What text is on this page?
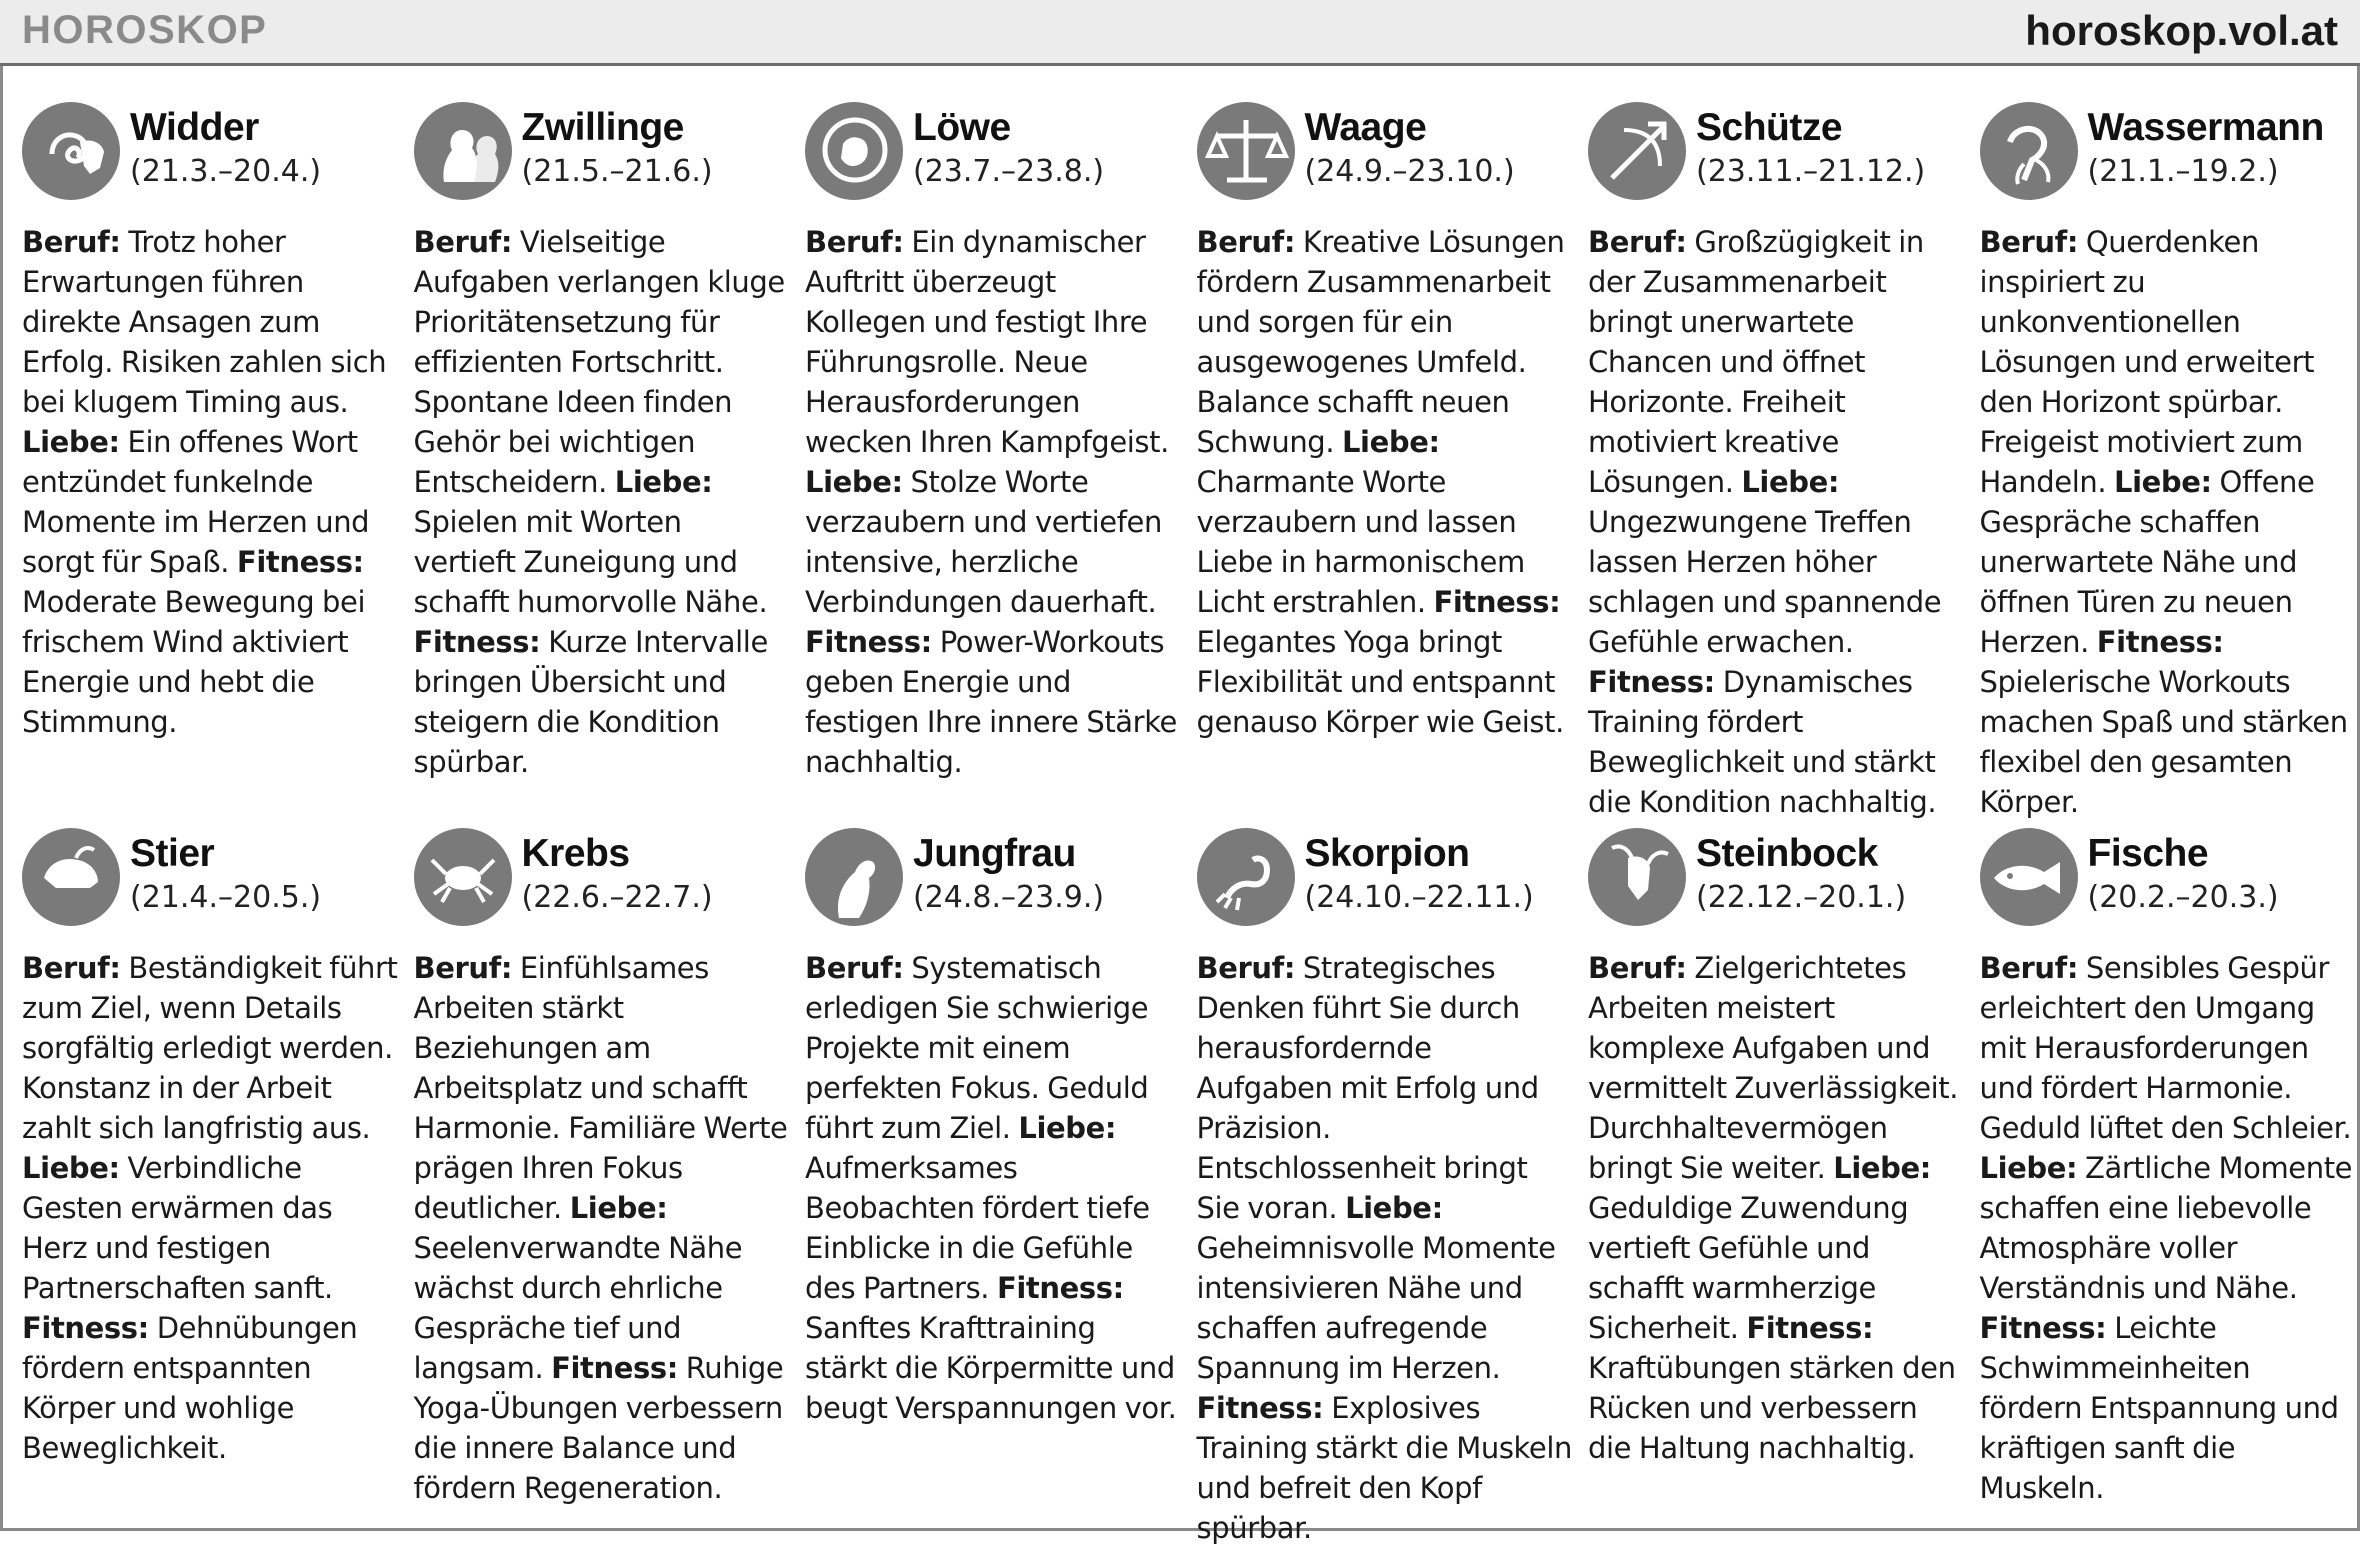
HOROSKOP	horoskop.vol.at
Widder
(21.3.–20.4.)
Beruf: Trotz hoher Erwartungen führen direkte Ansagen zum Erfolg. Risiken zahlen sich bei klugem Timing aus. Liebe: Ein offenes Wort entzündet funkelnde Momente im Herzen und sorgt für Spaß. Fitness: Moderate Bewegung bei frischem Wind aktiviert Energie und hebt die Stimmung.
Zwillinge
(21.5.–21.6.)
Beruf: Vielseitige Aufgaben verlangen kluge Prioritätensetzung für effizienten Fortschritt. Spontane Ideen finden Gehör bei wichtigen Entscheidern. Liebe: Spielen mit Worten vertieft Zuneigung und schafft humorvolle Nähe. Fitness: Kurze Intervalle bringen Übersicht und steigern die Kondition spürbar.
Löwe
(23.7.–23.8.)
Beruf: Ein dynamischer Auftritt überzeugt Kollegen und festigt Ihre Führungsrolle. Neue Herausforderungen wecken Ihren Kampfgeist. Liebe: Stolze Worte verzaubern und vertiefen intensive, herzliche Verbindungen dauerhaft. Fitness: Power-Workouts geben Energie und festigen Ihre innere Stärke nachhaltig.
Waage
(24.9.–23.10.)
Beruf: Kreative Lösungen fördern Zusammenarbeit und sorgen für ein ausgewogenes Umfeld. Balance schafft neuen Schwung. Liebe: Charmante Worte verzaubern und lassen Liebe in harmonischem Licht erstrahlen. Fitness: Elegantes Yoga bringt Flexibilität und entspannt genauso Körper wie Geist.
Schütze
(23.11.–21.12.)
Beruf: Großzügigkeit in der Zusammenarbeit bringt unerwartete Chancen und öffnet Horizonte. Freiheit motiviert kreative Lösungen. Liebe: Ungezwungene Treffen lassen Herzen höher schlagen und spannende Gefühle erwachen. Fitness: Dynamisches Training fördert Beweglichkeit und stärkt die Kondition nachhaltig.
Wassermann
(21.1.–19.2.)
Beruf: Querdenken inspiriert zu unkonventionellen Lösungen und erweitert den Horizont spürbar. Freigeist motiviert zum Handeln. Liebe: Offene Gespräche schaffen unerwartete Nähe und öffnen Türen zu neuen Herzen. Fitness: Spielerische Workouts machen Spaß und stärken flexibel den gesamten Körper.
Stier
(21.4.–20.5.)
Beruf: Beständigkeit führt zum Ziel, wenn Details sorgfältig erledigt werden. Konstanz in der Arbeit zahlt sich langfristig aus. Liebe: Verbindliche Gesten erwärmen das Herz und festigen Partnerschaften sanft. Fitness: Dehnübungen fördern entspannten Körper und wohlige Beweglichkeit.
Krebs
(22.6.–22.7.)
Beruf: Einfühlsames Arbeiten stärkt Beziehungen am Arbeitsplatz und schafft Harmonie. Familiäre Werte prägen Ihren Fokus deutlicher. Liebe: Seelenverwandte Nähe wächst durch ehrliche Gespräche tief und langsam. Fitness: Ruhige Yoga-Übungen verbessern die innere Balance und fördern Regeneration.
Jungfrau
(24.8.–23.9.)
Beruf: Systematisch erledigen Sie schwierige Projekte mit einem perfekten Fokus. Geduld führt zum Ziel. Liebe: Aufmerksames Beobachten fördert tiefe Einblicke in die Gefühle des Partners. Fitness: Sanftes Krafttraining stärkt die Körpermitte und beugt Verspannungen vor.
Skorpion
(24.10.–22.11.)
Beruf: Strategisches Denken führt Sie durch herausfordernde Aufgaben mit Erfolg und Präzision. Entschlossenheit bringt Sie voran. Liebe: Geheimnisvolle Momente intensivieren Nähe und schaffen aufregende Spannung im Herzen. Fitness: Explosives Training stärkt die Muskeln und befreit den Kopf spürbar.
Steinbock
(22.12.–20.1.)
Beruf: Zielgerichtetes Arbeiten meistert komplexe Aufgaben und vermittelt Zuverlässigkeit. Durchhaltevermögen bringt Sie weiter. Liebe: Geduldige Zuwendung vertieft Gefühle und schafft warmherzige Sicherheit. Fitness: Kraftübungen stärken den Rücken und verbessern die Haltung nachhaltig.
Fische
(20.2.–20.3.)
Beruf: Sensibles Gespür erleichtert den Umgang mit Herausforderungen und fördert Harmonie. Geduld lüftet den Schleier. Liebe: Zärtliche Momente schaffen eine liebevolle Atmosphäre voller Verständnis und Nähe. Fitness: Leichte Schwimmeinheiten fördern Entspannung und kräftigen sanft die Muskeln.
